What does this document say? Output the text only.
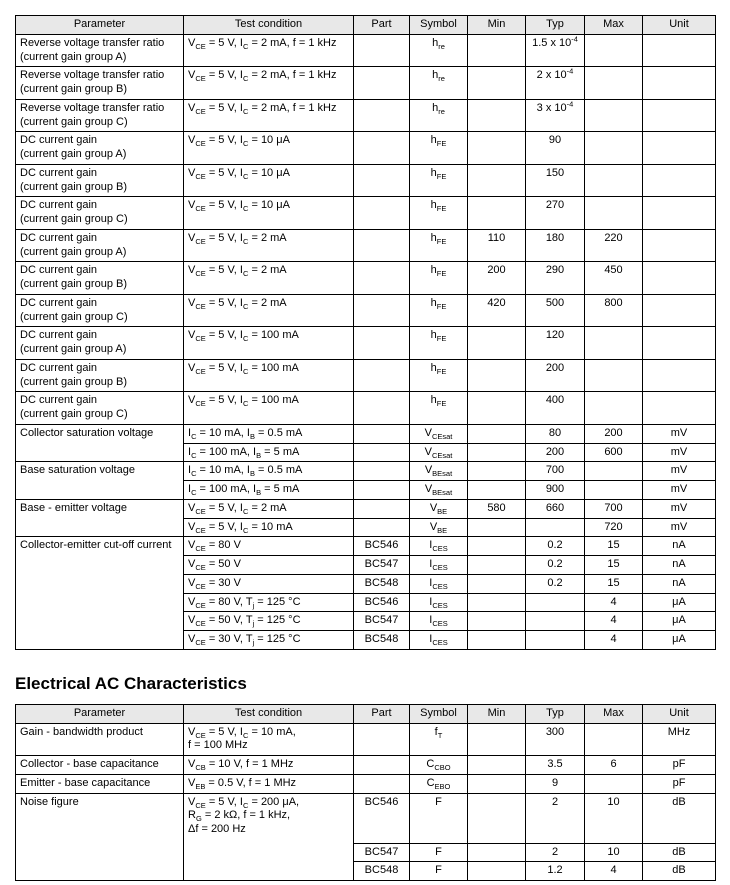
Parameter	Test condition	Part	Symbol	Min	Typ	Max	Unit
Reverse voltage transfer ratio
(current gain group A)	$V_{CE} = 5$ V, $I_C = 2$ mA, f = 1 kHz		$h_{re}$		1.5 x $10^{-4}$		
Reverse voltage transfer ratio
(current gain group B)	$V_{CE} = 5$ V, $I_C = 2$ mA, f = 1 kHz		$h_{re}$		2 x $10^{-4}$		
Reverse voltage transfer ratio
(current gain group C)	$V_{CE} = 5$ V, $I_C = 2$ mA, f = 1 kHz		$h_{re}$		3 x $10^{-4}$		
DC current gain
(current gain group A)	$V_{CE} = 5$ V, $I_C = 10$ μA		$h_{FE}$		90		
DC current gain
(current gain group B)	$V_{CE} = 5$ V, $I_C = 10$ μA		$h_{FE}$		150		
DC current gain
(current gain group C)	$V_{CE} = 5$ V, $I_C = 10$ μA		$h_{FE}$		270		
DC current gain
(current gain group A)	$V_{CE} = 5$ V, $I_C = 2$ mA		$h_{FE}$	110	180	220	
DC current gain
(current gain group B)	$V_{CE} = 5$ V, $I_C = 2$ mA		$h_{FE}$	200	290	450	
DC current gain
(current gain group C)	$V_{CE} = 5$ V, $I_C = 2$ mA		$h_{FE}$	420	500	800	
DC current gain
(current gain group A)	$V_{CE} = 5$ V, $I_C = 100$ mA		$h_{FE}$		120		
DC current gain
(current gain group B)	$V_{CE} = 5$ V, $I_C = 100$ mA		$h_{FE}$		200		
DC current gain
(current gain group C)	$V_{CE} = 5$ V, $I_C = 100$ mA		$h_{FE}$		400		
Collector saturation voltage	$I_C = 10$ mA, $I_B = 0.5$ mA		$V_{CEsat}$		80	200	mV
	$I_C = 100$ mA, $I_B = 5$ mA		$V_{CEsat}$		200	600	mV
Base saturation voltage	$I_C = 10$ mA, $I_B = 0.5$ mA		$V_{BEsat}$		700		mV
	$I_C = 100$ mA, $I_B = 5$ mA		$V_{BEsat}$		900		mV
Base - emitter voltage	$V_{CE} = 5$ V, $I_C = 2$ mA		$V_{BE}$	580	660	700	mV
	$V_{CE} = 5$ V, $I_C = 10$ mA		$V_{BE}$			720	mV
Collector-emitter cut-off current	$V_{CE} = 80$ V	BC546	$I_{CES}$		0.2	15	nA
	$V_{CE} = 50$ V	BC547	$I_{CES}$		0.2	15	nA
	$V_{CE} = 30$ V	BC548	$I_{CES}$		0.2	15	nA
	$V_{CE} = 80$ V, $T_j = 125$ °C	BC546	$I_{CES}$			4	μA
	$V_{CE} = 50$ V, $T_j = 125$ °C	BC547	$I_{CES}$			4	μA
	$V_{CE} = 30$ V, $T_j = 125$ °C	BC548	$I_{CES}$			4	μA
Electrical AC Characteristics
Parameter	Test condition	Part	Symbol	Min	Typ	Max	Unit
Gain - bandwidth product	$V_{CE} = 5$ V, $I_C = 10$ mA,
f = 100 MHz		$f_T$		300		MHz
Collector - base capacitance	$V_{CB} = 10$ V, f = 1 MHz		$C_{CBO}$		3.5	6	pF
Emitter - base capacitance	$V_{EB} = 0.5$ V, f = 1 MHz		$C_{EBO}$		9		pF
Noise figure	$V_{CE} = 5$ V, $I_C = 200$ μA,
$R_G = 2$ kΩ, f = 1 kHz,
Δf = 200 Hz	BC546	F		2	10	dB
		BC547	F		2	10	dB
		BC548	F		1.2	4	dB
